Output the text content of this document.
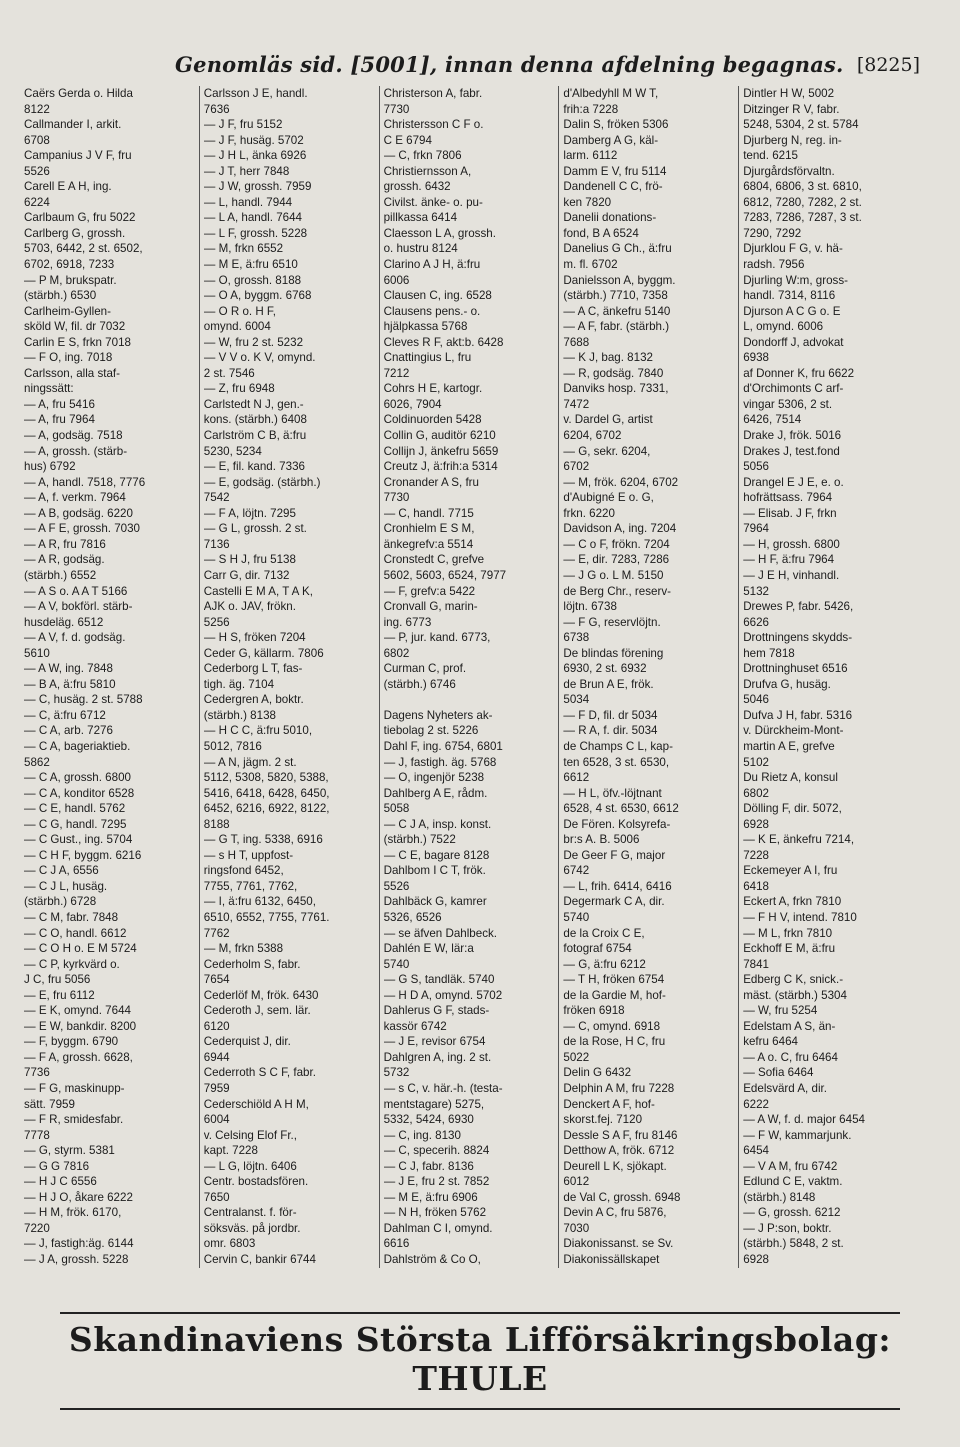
Genomläs sid. [5001], innan denna afdelning begagnas. [8225]
Caërs Gerda o. Hilda
8122
Callmander I, arkit.
6708
Campanius J V F, fru
5526
Carell E A H, ing.
6224
Carlbaum G, fru 5022
Carlberg G, grossh.
5703, 6442, 2 st. 6502,
6702, 6918, 7233
— P M, brukspatr.
(stärbh.) 6530
Carlheim-Gyllen-
sköld W, fil. dr 7032
Carlin E S, frkn 7018
— F O, ing. 7018
Carlsson, alla staf-
ningssätt:
— A, fru 5416
— A, fru 7964
— A, godsäg. 7518
— A, grossh. (stärb-
hus) 6792
— A, handl. 7518, 7776
— A, f. verkm. 7964
— A B, godsäg. 6220
— A F E, grossh. 7030
— A R, fru 7816
— A R, godsäg.
(stärbh.) 6552
— A S o. A A T 5166
— A V, bokförl. stärb-
husdeläg. 6512
— A V, f. d. godsäg.
5610
— A W, ing. 7848
— B A, ä:fru 5810
— C, husäg. 2 st. 5788
— C, ä:fru 6712
— C A, arb. 7276
— C A, bageriaktieb.
5862
— C A, grossh. 6800
— C A, konditor 6528
— C E, handl. 5762
— C G, handl. 7295
— C Gust., ing. 5704
— C H F, byggm. 6216
— C J A, 6556
— C J L, husäg.
(stärbh.) 6728
— C M, fabr. 7848
— C O, handl. 6612
— C O H o. E M 5724
— C P, kyrkvärd o.
J C, fru 5056
— E, fru 6112
— E K, omynd. 7644
— E W, bankdir. 8200
— F, byggm. 6790
— F A, grossh. 6628,
7736
— F G, maskinupp-
sätt. 7959
— F R, smidesfabr.
7778
— G, styrm. 5381
— G G 7816
— H J C 6556
— H J O, åkare 6222
— H M, frök. 6170,
7220
— J, fastigh:äg. 6144
— J A, grossh. 5228
Carlsson J E, handl.
7636
— J F, fru 5152
— J F, husäg. 5702
— J H L, änka 6926
— J T, herr 7848
— J W, grossh. 7959
— L, handl. 7944
— L A, handl. 7644
— L F, grossh. 5228
— M, frkn 6552
— M E, ä:fru 6510
— O, grossh. 8188
— O A, byggm. 6768
— O R o. H F,
omynd. 6004
— W, fru 2 st. 5232
— V V o. K V, omynd.
2 st. 7546
— Z, fru 6948
Carlstedt N J, gen.-
kons. (stärbh.) 6408
Carlström C B, ä:fru
5230, 5234
— E, fil. kand. 7336
— E, godsäg. (stärbh.)
7542
— F A, löjtn. 7295
— G L, grossh. 2 st.
7136
— S H J, fru 5138
Carr G, dir. 7132
Castelli E M A, T A K,
AJK o. JAV, frökn.
5256
— H S, fröken 7204
Ceder G, källarm. 7806
Cederborg L T, fas-
tigh. äg. 7104
Cedergren A, boktr.
(stärbh.) 8138
— H C C, ä:fru 5010,
5012, 7816
— A N, jägm. 2 st.
5112, 5308, 5820, 5388,
5416, 6418, 6428, 6450,
6452, 6216, 6922, 8122,
8188
— G T, ing. 5338, 6916
— s H T, uppfost-
ringsfond 6452,
7755, 7761, 7762,
— I, ä:fru 6132, 6450,
6510, 6552, 7755, 7761.
7762
— M, frkn 5388
Cederholm S, fabr.
7654
Cederlöf M, frök. 6430
Cederoth J, sem. lär.
6120
Cederquist J, dir.
6944
Cederroth S C F, fabr.
7959
Cederschiöld A H M,
6004
v. Celsing Elof Fr.,
kapt. 7228
— L G, löjtn. 6406
Centr. bostadsfören.
7650
Centralanst. f. för-
söksväs. på jordbr.
omr. 6803
Cervin C, bankir 6744
Christerson A, fabr.
7730
Christersson C F o.
C E 6794
— C, frkn 7806
Christiernsson A,
grossh. 6432
Civilst. änke- o. pu-
pillkassa 6414
Claesson L A, grossh.
o. hustru 8124
Clarino A J H, ä:fru
6006
Clausen C, ing. 6528
Clausens pens.- o.
hjälpkassa 5768
Cleves R F, akt:b. 6428
Cnattingius L, fru
7212
Cohrs H E, kartogr.
6026, 7904
Coldinuorden 5428
Collin G, auditör 6210
Collijn J, änkefru 5659
Creutz J, ä:frih:a 5314
Cronander A S, fru
7730
— C, handl. 7715
Cronhielm E S M,
änkegrefv:a 5514
Cronstedt C, grefve
5602, 5603, 6524, 7977
— F, grefv:a 5422
Cronvall G, marin-
ing. 6773
— P, jur. kand. 6773,
6802
Curman C, prof.
(stärbh.) 6746
Dagens Nyheters ak-
tiebolag 2 st. 5226
Dahl F, ing. 6754, 6801
— J, fastigh. äg. 5768
— O, ingenjör 5238
Dahlberg A E, rådm.
5058
— C J A, insp. konst.
(stärbh.) 7522
— C E, bagare 8128
Dahlbom I C T, frök.
5526
Dahlbäck G, kamrer
5326, 6526
— se äfven Dahlbeck.
Dahlén E W, lär:a
5740
— G S, tandläk. 5740
— H D A, omynd. 5702
Dahlerus G F, stads-
kassör 6742
— J E, revisor 6754
Dahlgren A, ing. 2 st.
5732
— s C, v. här.-h. (testa-
mentstagare) 5275,
5332, 5424, 6930
— C, ing. 8130
— C, specerih. 8824
— C J, fabr. 8136
— J E, fru 2 st. 7852
— M E, ä:fru 6906
— N H, fröken 5762
Dahlman C I, omynd.
6616
Dahlström & Co O,
d'Albedyhll M W T,
frih:a 7228
Dalin S, fröken 5306
Damberg A G, käl-
larm. 6112
Damm E V, fru 5114
Dandenell C C, frö-
ken 7820
Danelii donations-
fond, B A 6524
Danelius G Ch., ä:fru
m. fl. 6702
Danielsson A, byggm.
(stärbh.) 7710, 7358
— A C, änkefru 5140
— A F, fabr. (stärbh.)
7688
— K J, bag. 8132
— R, godsäg. 7840
Danviks hosp. 7331,
7472
v. Dardel G, artist
6204, 6702
— G, sekr. 6204,
6702
— M, frök. 6204, 6702
d'Aubigné E o. G,
frkn. 6220
Davidson A, ing. 7204
— C o F, frökn. 7204
— E, dir. 7283, 7286
— J G o. L M. 5150
de Berg Chr., reserv-
löjtn. 6738
— F G, reservlöjtn.
6738
De blindas förening
6930, 2 st. 6932
de Brun A E, frök.
5034
— F D, fil. dr 5034
— R A, f. dir. 5034
de Champs C L, kap-
ten 6528, 3 st. 6530,
6612
— H L, öfv.-löjtnant
6528, 4 st. 6530, 6612
De Fören. Kolsyrefa-
br:s A. B. 5006
De Geer F G, major
6742
— L, frih. 6414, 6416
Degermark C A, dir.
5740
de la Croix C E,
fotograf 6754
— G, ä:fru 6212
— T H, fröken 6754
de la Gardie M, hof-
fröken 6918
— C, omynd. 6918
de la Rose, H C, fru
5022
Delin G 6432
Delphin A M, fru 7228
Denckert A F, hof-
skorst.fej. 7120
Dessle S A F, fru 8146
Detthow A, frök. 6712
Deurell L K, sjökapt.
6012
de Val C, grossh. 6948
Devin A C, fru 5876,
7030
Diakonissanst. se Sv.
Diakonissällskapet
Dintler H W, 5002
Ditzinger R V, fabr.
5248, 5304, 2 st. 5784
Djurberg N, reg. in-
tend. 6215
Djurgårdsförvaltn.
6804, 6806, 3 st. 6810,
6812, 7280, 7282, 2 st.
7283, 7286, 7287, 3 st.
7290, 7292
Djurklou F G, v. hä-
radsh. 7956
Djurling W:m, gross-
handl. 7314, 8116
Djurson A C G o. E
L, omynd. 6006
Dondorff J, advokat
6938
af Donner K, fru 6622
d'Orchimonts C arf-
vingar 5306, 2 st.
6426, 7514
Drake J, frök. 5016
Drakes J, test.fond
5056
Drangel E J E, e. o.
hofrättsass. 7964
— Elisab. J F, frkn
7964
— H, grossh. 6800
— H F, ä:fru 7964
— J E H, vinhandl.
5132
Drewes P, fabr. 5426,
6626
Drottningens skydds-
hem 7818
Drottninghuset 6516
Drufva G, husäg.
5046
Dufva J H, fabr. 5316
v. Dürckheim-Mont-
martin A E, grefve
5102
Du Rietz A, konsul
6802
Dölling F, dir. 5072,
6928
— K E, änkefru 7214,
7228
Eckemeyer A I, fru
6418
Eckert A, frkn 7810
— F H V, intend. 7810
— M L, frkn 7810
Eckhoff E M, ä:fru
7841
Edberg C K, snick.-
mäst. (stärbh.) 5304
— W, fru 5254
Edelstam A S, än-
kefru 6464
— A o. C, fru 6464
— Sofia 6464
Edelsvärd A, dir.
6222
— A W, f. d. major 6454
— F W, kammarjunk.
6454
— V A M, fru 6742
Edlund C E, vaktm.
(stärbh.) 8148
— G, grossh. 6212
— J P:son, boktr.
(stärbh.) 5848, 2 st.
6928
Skandinaviens Största Lifförsäkringsbolag: THULE
